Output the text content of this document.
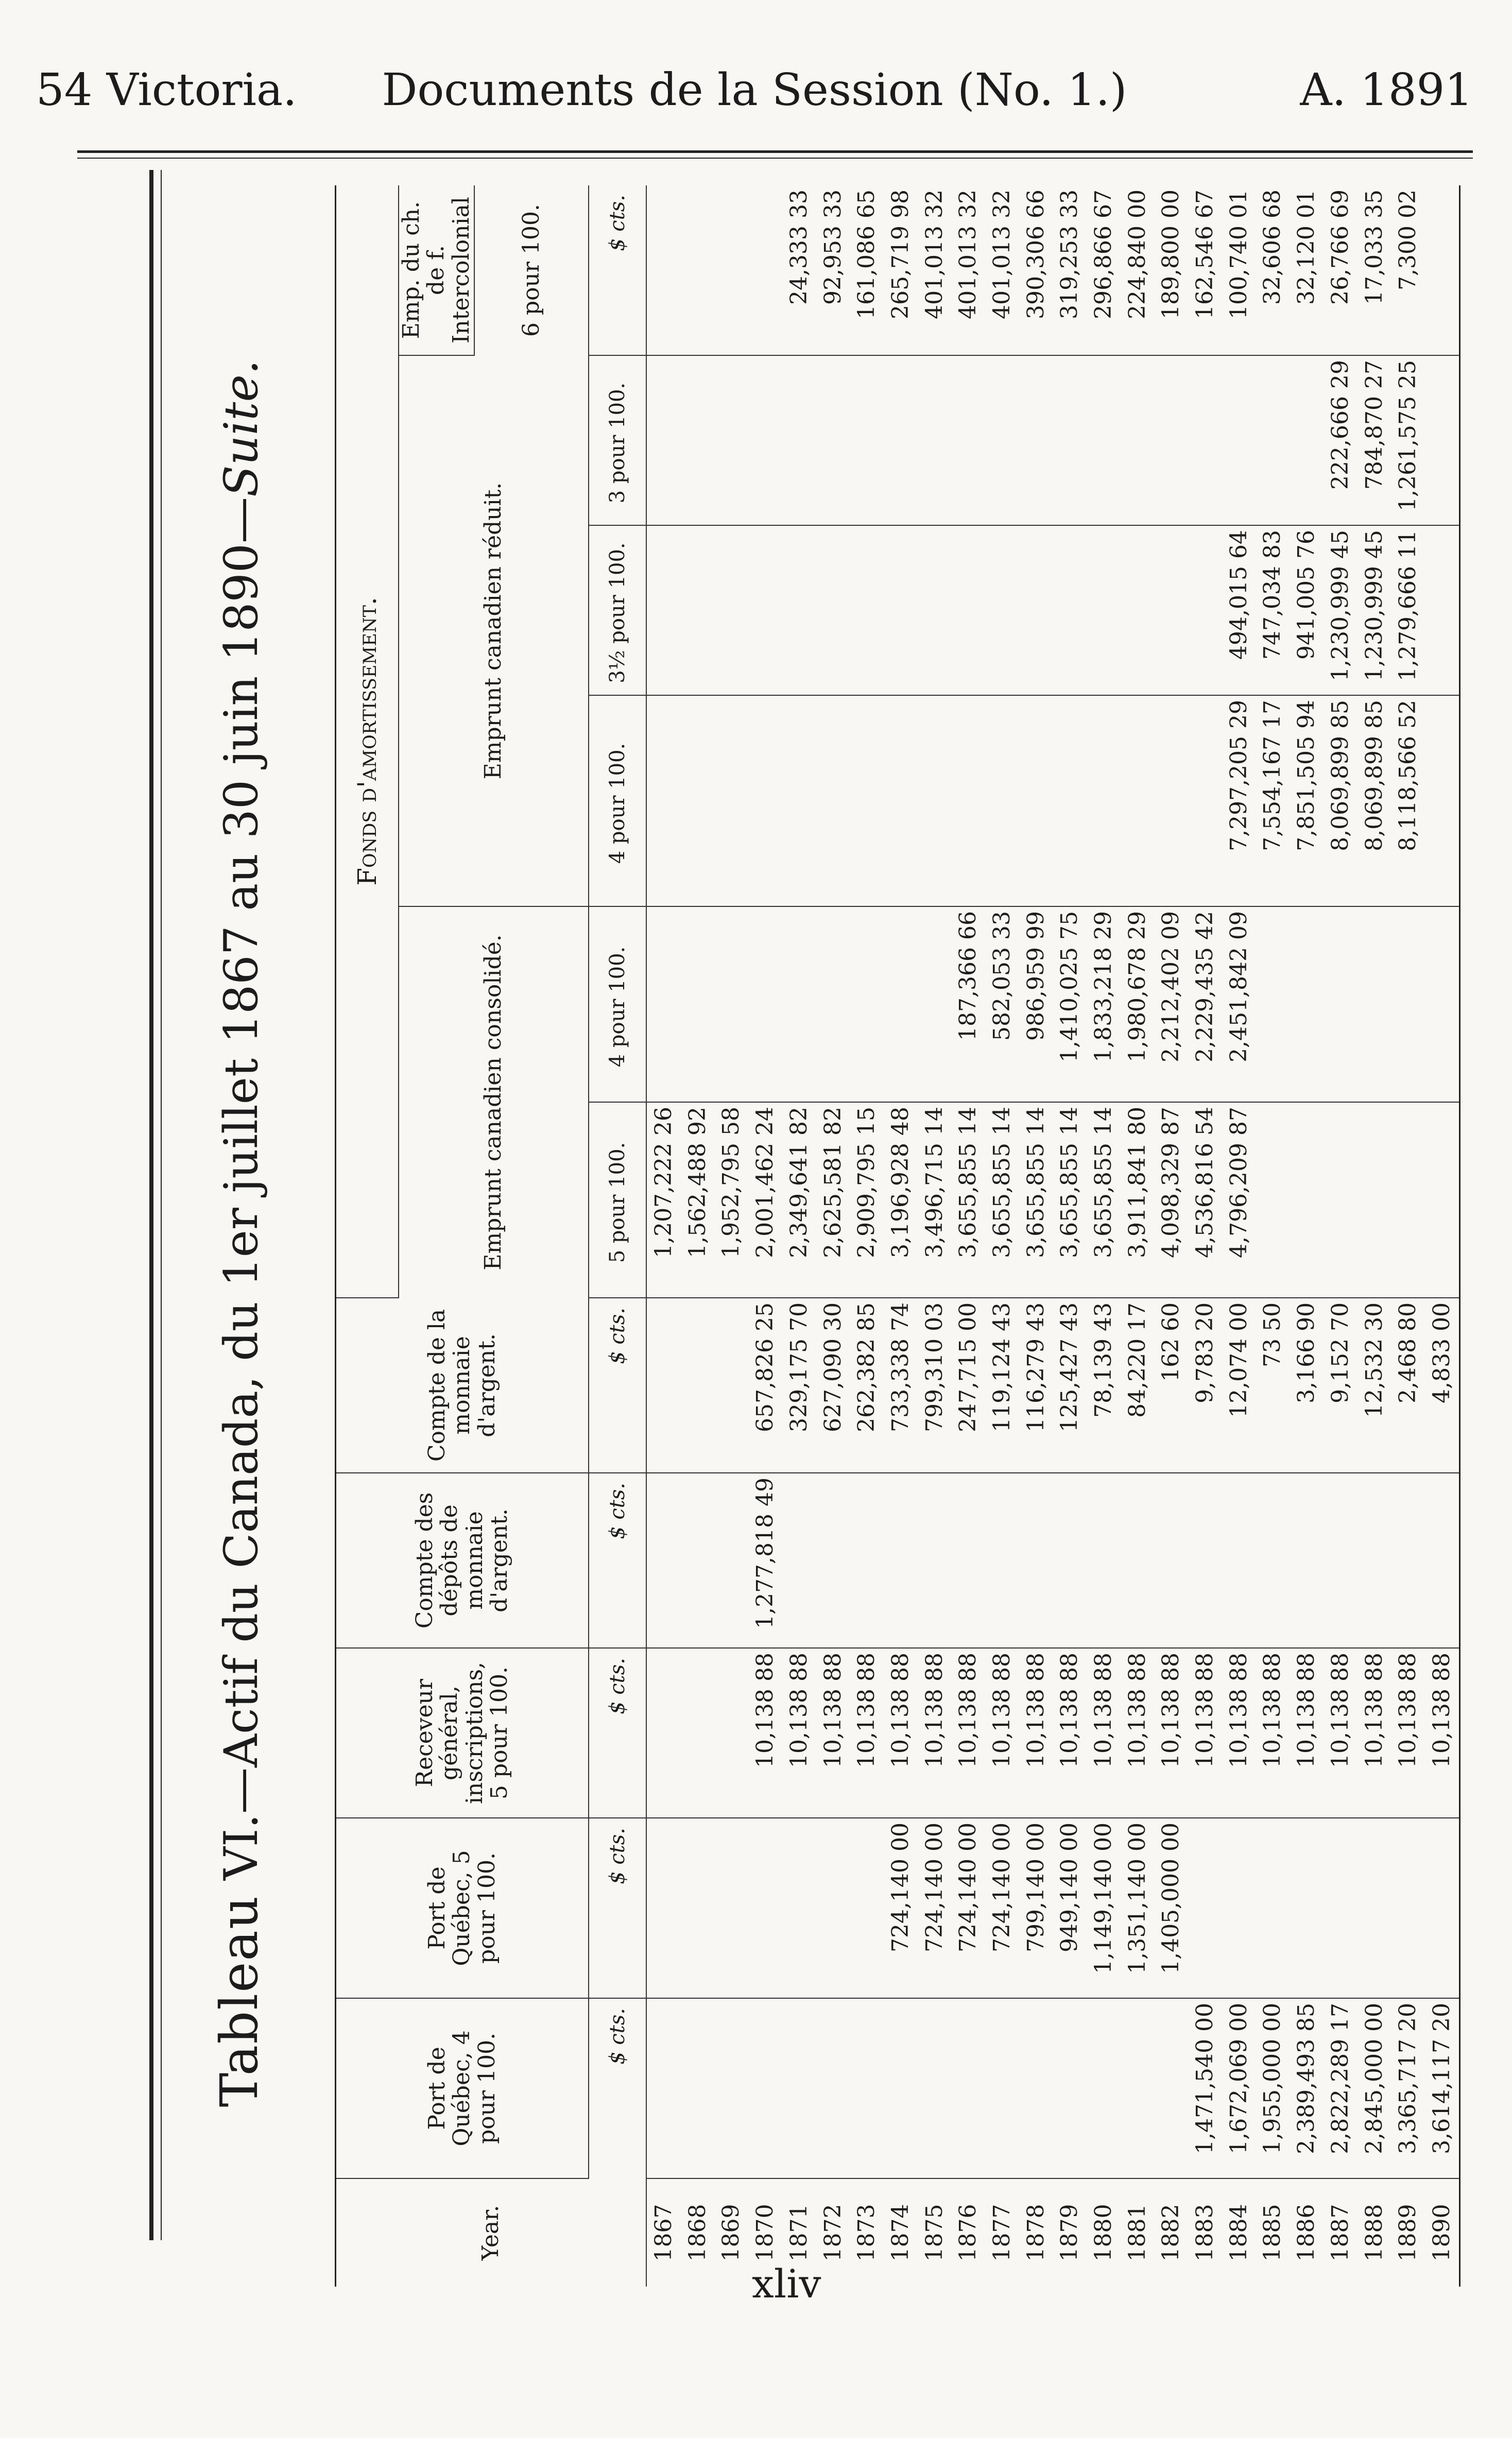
54 Victoria. Documents de la Session (No. 1.)	A. 1891
Tableau VI.—Actif du Canada, du 1er juillet 1867 au 30 juin 1890—Suite.
Year.	Port de Québec, 4 pour 100.	Port de Québec, 5 pour 100.	Receveur général, inscriptions, 5 pour 100.	Compte des dépôts de monnaie d'argent.	Compte de la monnaie d'argent.	Fonds d'amortissement.					
						Emprunt canadien consolidé.		Emprunt canadien réduit.			Emp. du ch. de f. Intercolonial
											6 pour 100.
	$ cts.	$ cts.	$ cts.	$ cts.	$ cts.	5 pour 100.	4 pour 100.	4 pour 100.	3½ pour 100.	3 pour 100.	$ cts.
1867						1,207,222 26					
1868						1,562,488 92					
1869						1,952,795 58					
1870			10,138 88	1,277,818 49	657,826 25	2,001,462 24					
1871			10,138 88		329,175 70	2,349,641 82					24,333 33
1872			10,138 88		627,090 30	2,625,581 82					92,953 33
1873			10,138 88		262,382 85	2,909,795 15					161,086 65
1874		724,140 00	10,138 88		733,338 74	3,196,928 48					265,719 98
1875		724,140 00	10,138 88		799,310 03	3,496,715 14					401,013 32
1876		724,140 00	10,138 88		247,715 00	3,655,855 14	187,366 66				401,013 32
1877		724,140 00	10,138 88		119,124 43	3,655,855 14	582,053 33				401,013 32
1878		799,140 00	10,138 88		116,279 43	3,655,855 14	986,959 99				390,306 66
1879		949,140 00	10,138 88		125,427 43	3,655,855 14	1,410,025 75				319,253 33
1880		1,149,140 00	10,138 88		78,139 43	3,655,855 14	1,833,218 29				296,866 67
1881		1,351,140 00	10,138 88		84,220 17	3,911,841 80	1,980,678 29				224,840 00
1882		1,405,000 00	10,138 88		162 60	4,098,329 87	2,212,402 09				189,800 00
1883	1,471,540 00		10,138 88		9,783 20	4,536,816 54	2,229,435 42				162,546 67
1884	1,672,069 00		10,138 88		12,074 00	4,796,209 87	2,451,842 09	7,297,205 29	494,015 64		100,740 01
1885	1,955,000 00		10,138 88		73 50			7,554,167 17	747,034 83		32,606 68
1886	2,389,493 85		10,138 88		3,166 90			7,851,505 94	941,005 76		32,120 01
1887	2,822,289 17		10,138 88		9,152 70			8,069,899 85	1,230,999 45	222,666 29	26,766 69
1888	2,845,000 00		10,138 88		12,532 30			8,069,899 85	1,230,999 45	784,870 27	17,033 35
1889	3,365,717 20		10,138 88		2,468 80			8,118,566 52	1,279,666 11	1,261,575 25	7,300 02
1890	3,614,117 20		10,138 88		4,833 00						
xliv
